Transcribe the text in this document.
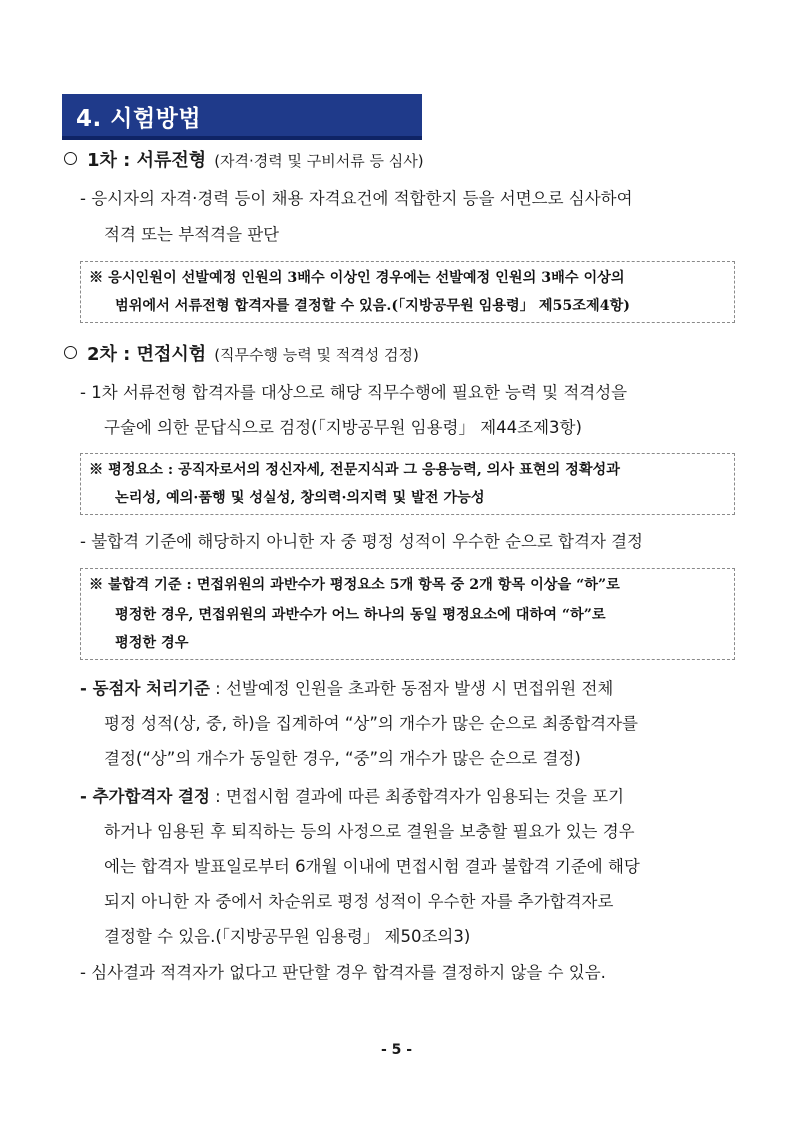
4. 시험방법
1차 : 서류전형 (자격·경력 및 구비서류 등 심사)
- 응시자의 자격·경력 등이 채용 자격요건에 적합한지 등을 서면으로 심사하여
적격 또는 부적격을 판단
※ 응시인원이 선발예정 인원의 3배수 이상인 경우에는 선발예정 인원의 3배수 이상의
범위에서 서류전형 합격자를 결정할 수 있음.(「지방공무원 임용령」 제55조제4항)
2차 : 면접시험 (직무수행 능력 및 적격성 검정)
- 1차 서류전형 합격자를 대상으로 해당 직무수행에 필요한 능력 및 적격성을
구술에 의한 문답식으로 검정(「지방공무원 임용령」 제44조제3항)
※ 평정요소 : 공직자로서의 정신자세, 전문지식과 그 응용능력, 의사 표현의 정확성과
논리성, 예의·품행 및 성실성, 창의력·의지력 및 발전 가능성
- 불합격 기준에 해당하지 아니한 자 중 평정 성적이 우수한 순으로 합격자 결정
※ 불합격 기준 : 면접위원의 과반수가 평정요소 5개 항목 중 2개 항목 이상을 “하”로
평정한 경우, 면접위원의 과반수가 어느 하나의 동일 평정요소에 대하여 “하”로
평정한 경우
- 동점자 처리기준 : 선발예정 인원을 초과한 동점자 발생 시 면접위원 전체
평정 성적(상, 중, 하)을 집계하여 “상”의 개수가 많은 순으로 최종합격자를
결정(“상”의 개수가 동일한 경우, “중”의 개수가 많은 순으로 결정)
- 추가합격자 결정 : 면접시험 결과에 따른 최종합격자가 임용되는 것을 포기
하거나 임용된 후 퇴직하는 등의 사정으로 결원을 보충할 필요가 있는 경우
에는 합격자 발표일로부터 6개월 이내에 면접시험 결과 불합격 기준에 해당
되지 아니한 자 중에서 차순위로 평정 성적이 우수한 자를 추가합격자로
결정할 수 있음.(「지방공무원 임용령」 제50조의3)
- 심사결과 적격자가 없다고 판단할 경우 합격자를 결정하지 않을 수 있음.
- 5 -
